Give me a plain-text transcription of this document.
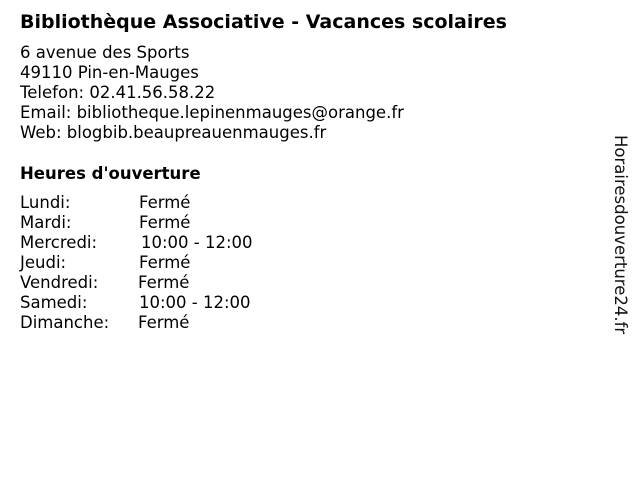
Bibliothèque Associative - Vacances scolaires
6 avenue des Sports
49110 Pin-en-Mauges
Telefon: 02.41.56.58.22
Email: bibliotheque.lepinenmauges@orange.fr
Web: blogbib.beaupreauenmauges.fr
Heures d'ouverture
Lundi:	Fermé
Mardi:	Fermé
Mercredi:	10:00 - 12:00
Jeudi:	Fermé
Vendredi: Fermé
Samedi:	10:00 - 12:00
Dimanche: Fermé	Horairesdouverture24.fr
